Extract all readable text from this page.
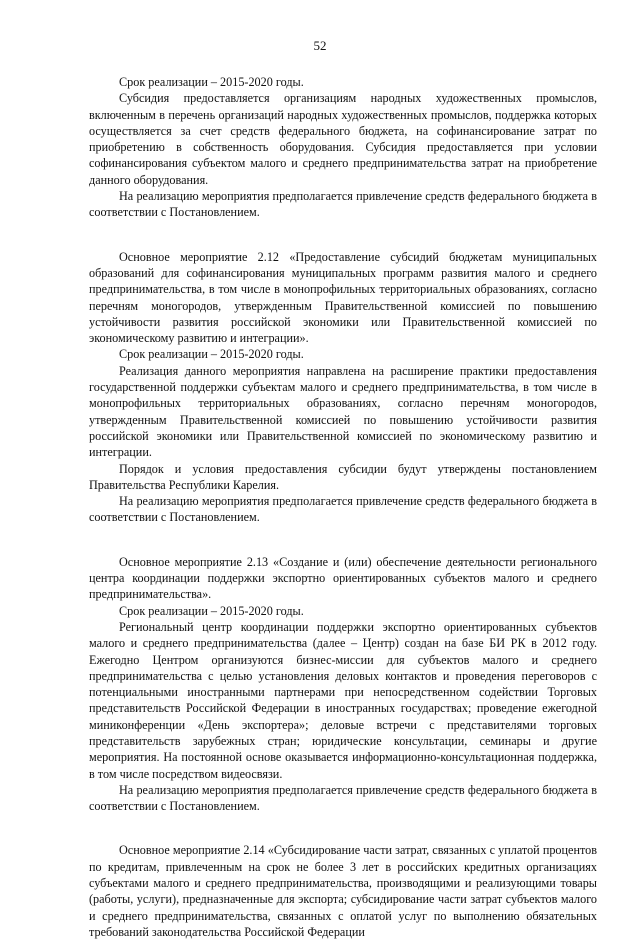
52

Срок реализации – 2015-2020 годы.

Субсидия предоставляется организациям народных художественных промыслов, включенным в перечень организаций народных художественных промыслов, поддержка которых осуществляется за счет средств федерального бюджета, на софинансирование затрат по приобретению в собственность оборудования. Субсидия предоставляется при условии софинансирования субъектом малого и среднего предпринимательства затрат на приобретение данного оборудования.

На реализацию мероприятия предполагается привлечение средств федерального бюджета в соответствии с Постановлением.

Основное мероприятие 2.12 «Предоставление субсидий бюджетам муниципальных образований для софинансирования муниципальных программ развития малого и среднего предпринимательства, в том числе в монопрофильных территориальных образованиях, согласно перечням моногородов, утвержденным Правительственной комиссией по повышению устойчивости развития российской экономики или Правительственной комиссией по экономическому развитию и интеграции».

Срок реализации – 2015-2020 годы.

Реализация данного мероприятия направлена на расширение практики предоставления государственной поддержки субъектам малого и среднего предпринимательства, в том числе в монопрофильных территориальных образованиях, согласно перечням моногородов, утвержденным Правительственной комиссией по повышению устойчивости развития российской экономики или Правительственной комиссией по экономическому развитию и интеграции.

Порядок и условия предоставления субсидии будут утверждены постановлением Правительства Республики Карелия.

На реализацию мероприятия предполагается привлечение средств федерального бюджета в соответствии с Постановлением.

Основное мероприятие 2.13 «Создание и (или) обеспечение деятельности регионального центра координации поддержки экспортно ориентированных субъектов малого и среднего предпринимательства».

Срок реализации – 2015-2020 годы.

Региональный центр координации поддержки экспортно ориентированных субъектов малого и среднего предпринимательства (далее – Центр) создан на базе БИ РК в 2012 году. Ежегодно Центром организуются бизнес-миссии для субъектов малого и среднего предпринимательства с целью установления деловых контактов и проведения переговоров с потенциальными иностранными партнерами при непосредственном содействии Торговых представительств Российской Федерации в иностранных государствах; проведение ежегодной миниконференции «День экспортера»; деловые встречи с представителями торговых представительств зарубежных стран; юридические консультации, семинары и другие мероприятия. На постоянной основе оказывается информационно-консультационная поддержка, в том числе посредством видеосвязи.

На реализацию мероприятия предполагается привлечение средств федерального бюджета в соответствии с Постановлением.

Основное мероприятие 2.14 «Субсидирование части затрат, связанных с уплатой процентов по кредитам, привлеченным на срок не более 3 лет в российских кредитных организациях субъектами малого и среднего предпринимательства, производящими и реализующими товары (работы, услуги), предназначенные для экспорта; субсидирование части затрат субъектов малого и среднего предпринимательства, связанных с оплатой услуг по выполнению обязательных требований законодательства Российской Федерации
